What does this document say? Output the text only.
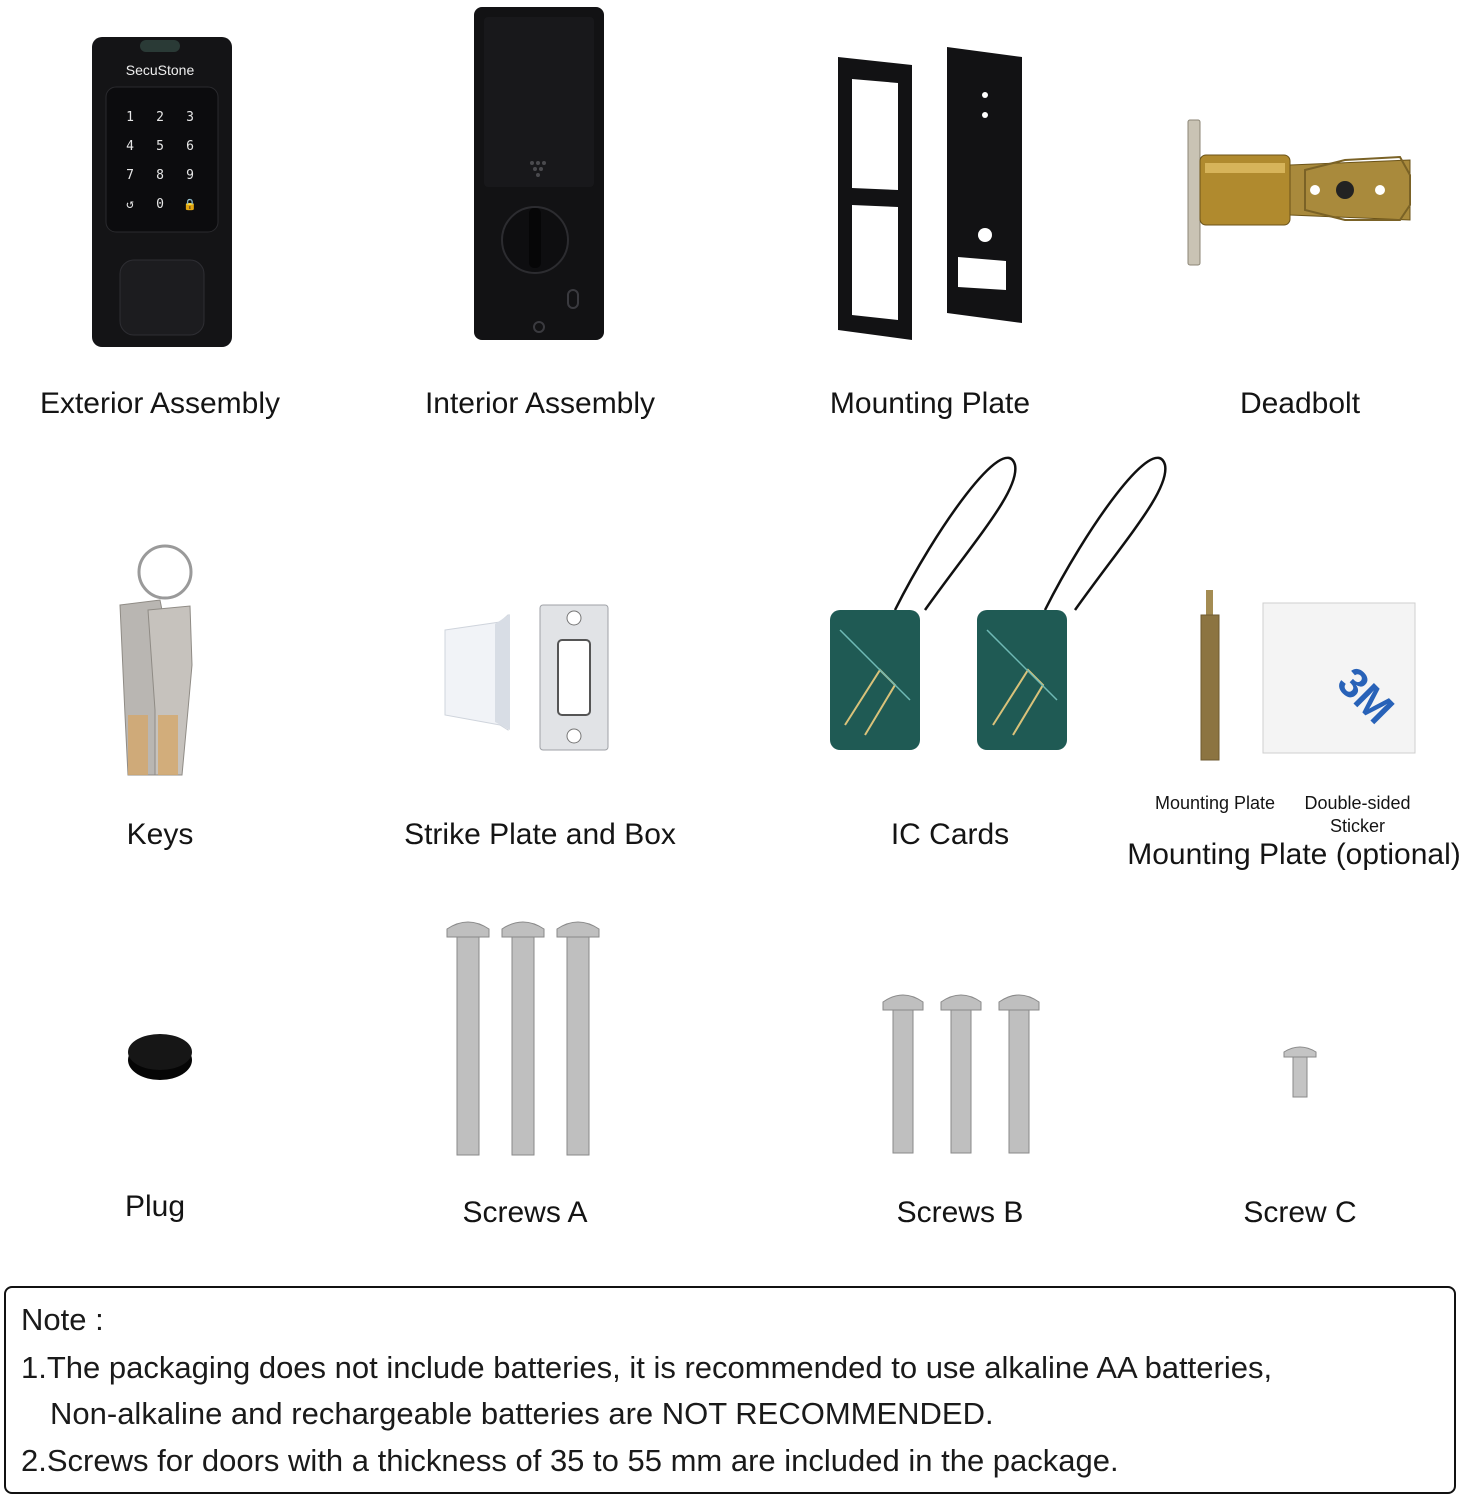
SecuStone
1 2 3
4 5 6
7 8 9
↺ 0 🔒
Exterior Assembly	Interior Assembly	Mounting Plate	Deadbolt
Keys	Strike Plate and Box	IC Cards
3M
Mounting Plate	Double-sided Sticker
Mounting Plate (optional)
Plug	Screws A	Screws B	Screw C
Note :
1.The packaging does not include batteries, it is recommended to use alkaline AA batteries,
Non-alkaline and rechargeable batteries are NOT RECOMMENDED.
2.Screws for doors with a thickness of 35 to 55 mm are included in the package.
